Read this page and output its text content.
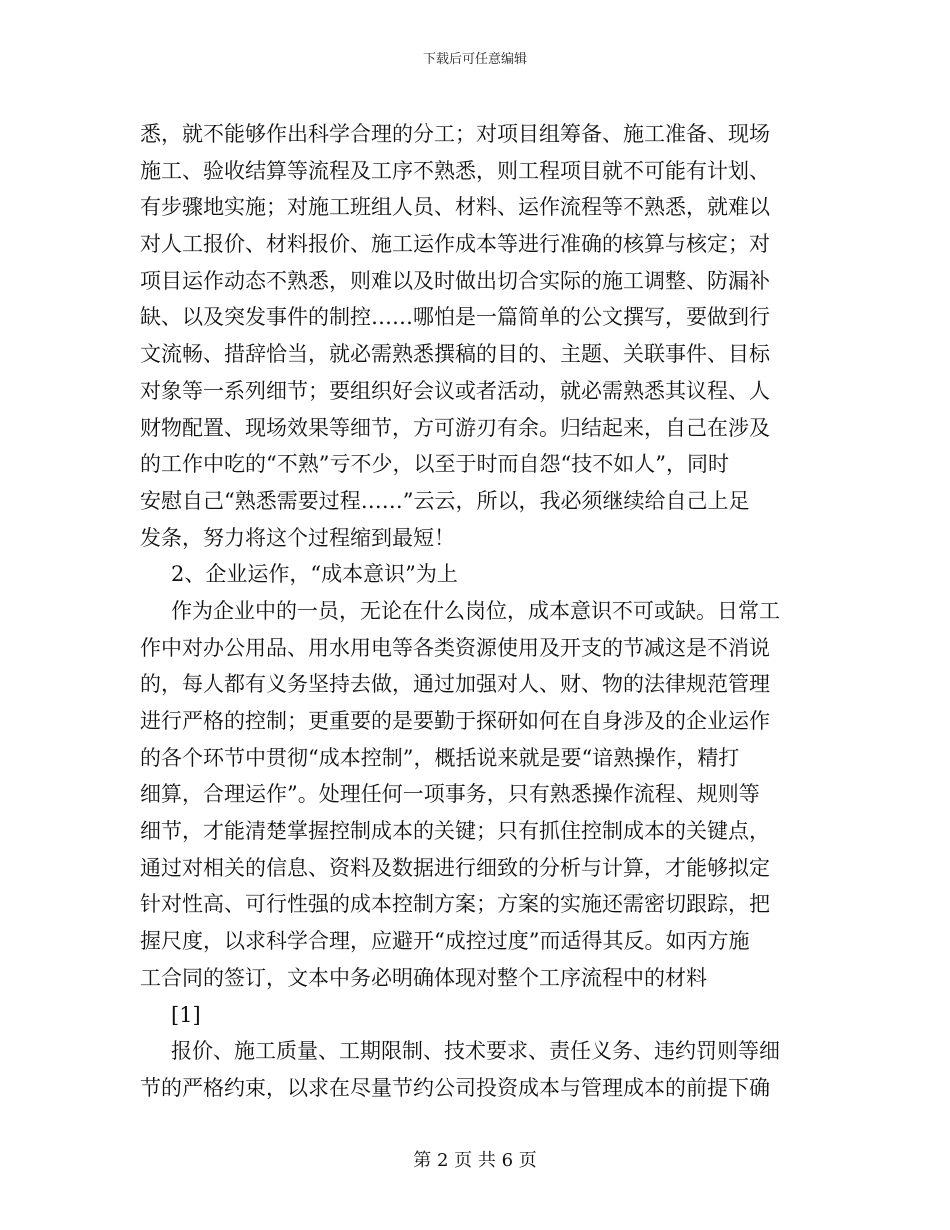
下载后可任意编辑
悉，就不能够作出科学合理的分工；对项目组筹备、施工准备、现场
施工、验收结算等流程及工序不熟悉，则工程项目就不可能有计划、
有步骤地实施；对施工班组人员、材料、运作流程等不熟悉，就难以
对人工报价、材料报价、施工运作成本等进行准确的核算与核定；对
项目运作动态不熟悉，则难以及时做出切合实际的施工调整、防漏补
缺、以及突发事件的制控……哪怕是一篇简单的公文撰写，要做到行
文流畅、措辞恰当，就必需熟悉撰稿的目的、主题、关联事件、目标
对象等一系列细节；要组织好会议或者活动，就必需熟悉其议程、人
财物配置、现场效果等细节，方可游刃有余。归结起来，自己在涉及
的工作中吃的“不熟”亏不少，以至于时而自怨“技不如人”，同时
安慰自己“熟悉需要过程……”云云，所以，我必须继续给自己上足
发条，努力将这个过程缩到最短！
2、企业运作，“成本意识”为上
作为企业中的一员，无论在什么岗位，成本意识不可或缺。日常工
作中对办公用品、用水用电等各类资源使用及开支的节减这是不消说
的，每人都有义务坚持去做，通过加强对人、财、物的法律规范管理
进行严格的控制；更重要的是要勤于探研如何在自身涉及的企业运作
的各个环节中贯彻“成本控制”，概括说来就是要“谙熟操作，精打
细算，合理运作”。处理任何一项事务，只有熟悉操作流程、规则等
细节，才能清楚掌握控制成本的关键；只有抓住控制成本的关键点，
通过对相关的信息、资料及数据进行细致的分析与计算，才能够拟定
针对性高、可行性强的成本控制方案；方案的实施还需密切跟踪，把
握尺度，以求科学合理，应避开“成控过度”而适得其反。如丙方施
工合同的签订，文本中务必明确体现对整个工序流程中的材料
[1]
报价、施工质量、工期限制、技术要求、责任义务、违约罚则等细
节的严格约束，以求在尽量节约公司投资成本与管理成本的前提下确
第 2 页 共 6 页
